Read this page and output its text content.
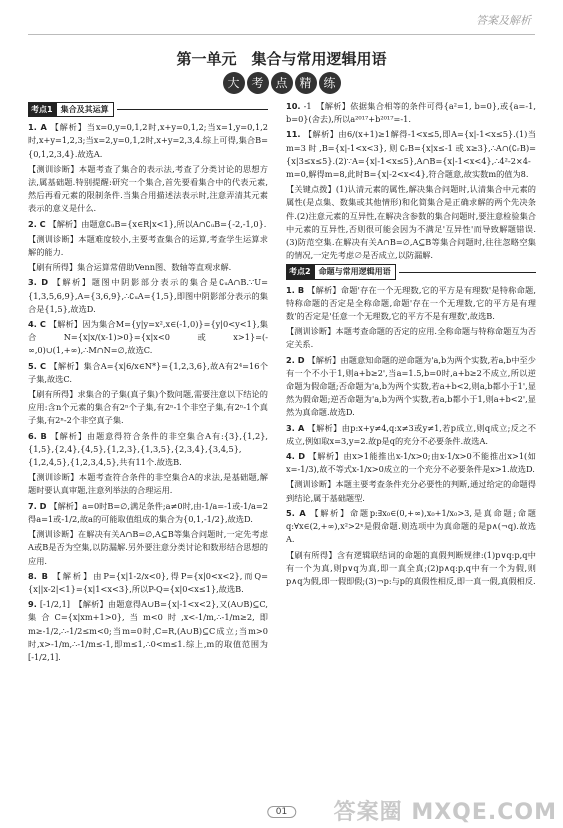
答案及解析
第一单元　集合与常用逻辑用语
大 考 点 精 练
考点1	集合及其运算
1. A 【解析】当x=0,y=0,1,2时,x+y=0,1,2;当x=1,y=0,1,2时,x+y=1,2,3;当x=2,y=0,1,2时,x+y=2,3,4.综上可得,集合B={0,1,2,3,4}.故选A.
【测训诊断】本题考查了集合的表示法,考查了分类讨论的思想方法,属基础题.特别提醒:研究一个集合,首先要看集合中的代表元素,然后再看元素的限制条件.当集合用描述法表示时,注意弄清其元素表示的意义是什么.
2. C 【解析】由题意∁ᵤB={x∈R|x<1},所以A∩∁ᵤB={-2,-1,0}.
【测训诊断】本题难度较小,主要考查集合的运算,考查学生运算求解的能力.
【刷有所得】集合运算常借助Venn图、数轴等直观求解.
3. D 【解析】题图中阴影部分表示的集合是∁ᵤA∩B.∵U={1,3,5,6,9},A={3,6,9},∴∁ᵤA={1,5},即图中阴影部分表示的集合是{1,5},故选D.
4. C 【解析】因为集合M={y|y=x²,x∈(-1,0)}={y|0<y<1},集合N={x|x/(x-1)>0}={x|x<0或x>1}=(-∞,0)∪(1,+∞),∴M∩N=∅,故选C.
5. C 【解析】集合A={x|6/x∈N*}={1,2,3,6},故A有2⁴=16个子集,故选C.
【刷有所得】求集合的子集(真子集)个数问题,需要注意以下结论的应用:含n个元素的集合有2ⁿ个子集,有2ⁿ-1个非空子集,有2ⁿ-1个真子集,有2ⁿ-2个非空真子集.
6. B 【解析】由题意得符合条件的非空集合A有:{3},{1,2},{1,5},{2,4},{4,5},{1,2,3},{1,3,5},{2,3,4},{3,4,5},{1,2,4,5},{1,2,3,4,5},共有11个.故选B.
【测训诊断】本题考查符合条件的非空集合A的求法,是基础题,解题时要认真审题,注意列举法的合理运用.
7. D 【解析】a=0时B=∅,满足条件;a≠0时,由-1/a=-1或-1/a=2得a=1或-1/2,故a的可能取值组成的集合为{0,1,-1/2},故选D.
【测训诊断】在解决有关A∩B=∅,A⊆B等集合问题时,一定先考虑A或B是否为空集,以防漏解.另外要注意分类讨论和数形结合思想的应用.
8. B 【解析】由P={x|1-2/x<0},得P={x|0<x<2},而Q={x||x-2|<1}={x|1<x<3},所以P-Q={x|0<x≤1},故选B.
9. [-1/2,1]　【解析】由题意得A∪B={x|-1<x<2},又(A∪B)⊆C,集合C={x|xm+1>0},当m<0时,x<-1/m,∴-1/m≥2,即m≥-1/2,∴-1/2≤m<0;当m=0时,C=R,(A∪B)⊆C成立;当m>0时,x>-1/m,∴-1/m≤-1,即m≤1,∴0<m≤1.综上,m的取值范围为[-1/2,1].
10. -1　【解析】依据集合相等的条件可得{a²=1, b=0},或{a=-1, b=0}(舍去),所以a²⁰¹⁷+b²⁰¹⁷=-1.
11. 【解析】由6/(x+1)≥1解得-1<x≤5,即A={x|-1<x≤5}.(1)当m=3时,B={x|-1<x<3},则∁ᵣB={x|x≤-1或x≥3},∴A∩(∁ᵣB)={x|3≤x≤5}.(2)∵A={x|-1<x≤5},A∩B={x|-1<x<4},∴4²-2×4-m=0,解得m=8,此时B={x|-2<x<4},符合题意,故实数m的值为8.
【关键点拨】(1)认清元素的属性,解决集合问题时,认清集合中元素的属性(是点集、数集或其他情形)和化简集合是正确求解的两个先决条件.(2)注意元素的互异性,在解决含参数的集合问题时,要注意检验集合中元素的互异性,否则很可能会因为不满足'互异性'而导致解题错误.(3)防范空集.在解决有关A∩B=∅,A⊆B等集合问题时,往往忽略空集的情况,一定先考虑∅是否成立,以防漏解.
考点2	命题与常用逻辑用语
1. B 【解析】命题'存在一个无理数,它的平方是有理数'是特称命题,特称命题的否定是全称命题,命题'存在一个无理数,它的平方是有理数'的否定是'任意一个无理数,它的平方不是有理数',故选B.
【测训诊断】本题考查命题的否定的应用.全称命题与特称命题互为否定关系.
2. D 【解析】由题意知命题的逆命题为'a,b为两个实数,若a,b中至少有一个不小于1,则a+b≥2',当a=1.5,b=0时,a+b≥2不成立,所以逆命题为假命题;否命题为'a,b为两个实数,若a+b<2,则a,b都小于1',显然为假命题;逆否命题为'a,b为两个实数,若a,b都小于1,则a+b<2',显然为真命题.故选D.
3. A 【解析】由p:x+y≠4,q:x≠3或y≠1,若p成立,则q成立;反之不成立,例如取x=3,y=2.故p是q的充分不必要条件.故选A.
4. D 【解析】由x>1能推出x-1/x>0;由x-1/x>0不能推出x>1(如x=-1/3),故不等式x-1/x>0成立的一个充分不必要条件是x>1.故选D.
【测训诊断】本题主要考查条件充分必要性的判断,通过给定的命题得到结论,属于基础题型.
5. A 【解析】命题p:∃x₀∈(0,+∞),x₀+1/x₀>3,是真命题;命题q:∀x∈(2,+∞),x²>2ˣ是假命题.则选项中为真命题的是p∧(¬q).故选A.
【刷有所得】含有逻辑联结词的命题的真假判断规律:(1)p∨q:p,q中有一个为真,则p∨q为真,即一真全真;(2)p∧q:p,q中有一个为假,则p∧q为假,即一假即假;(3)¬p:与p的真假性相反,即一真一假,真假相反.
01	答案圈 MXQE.COM
